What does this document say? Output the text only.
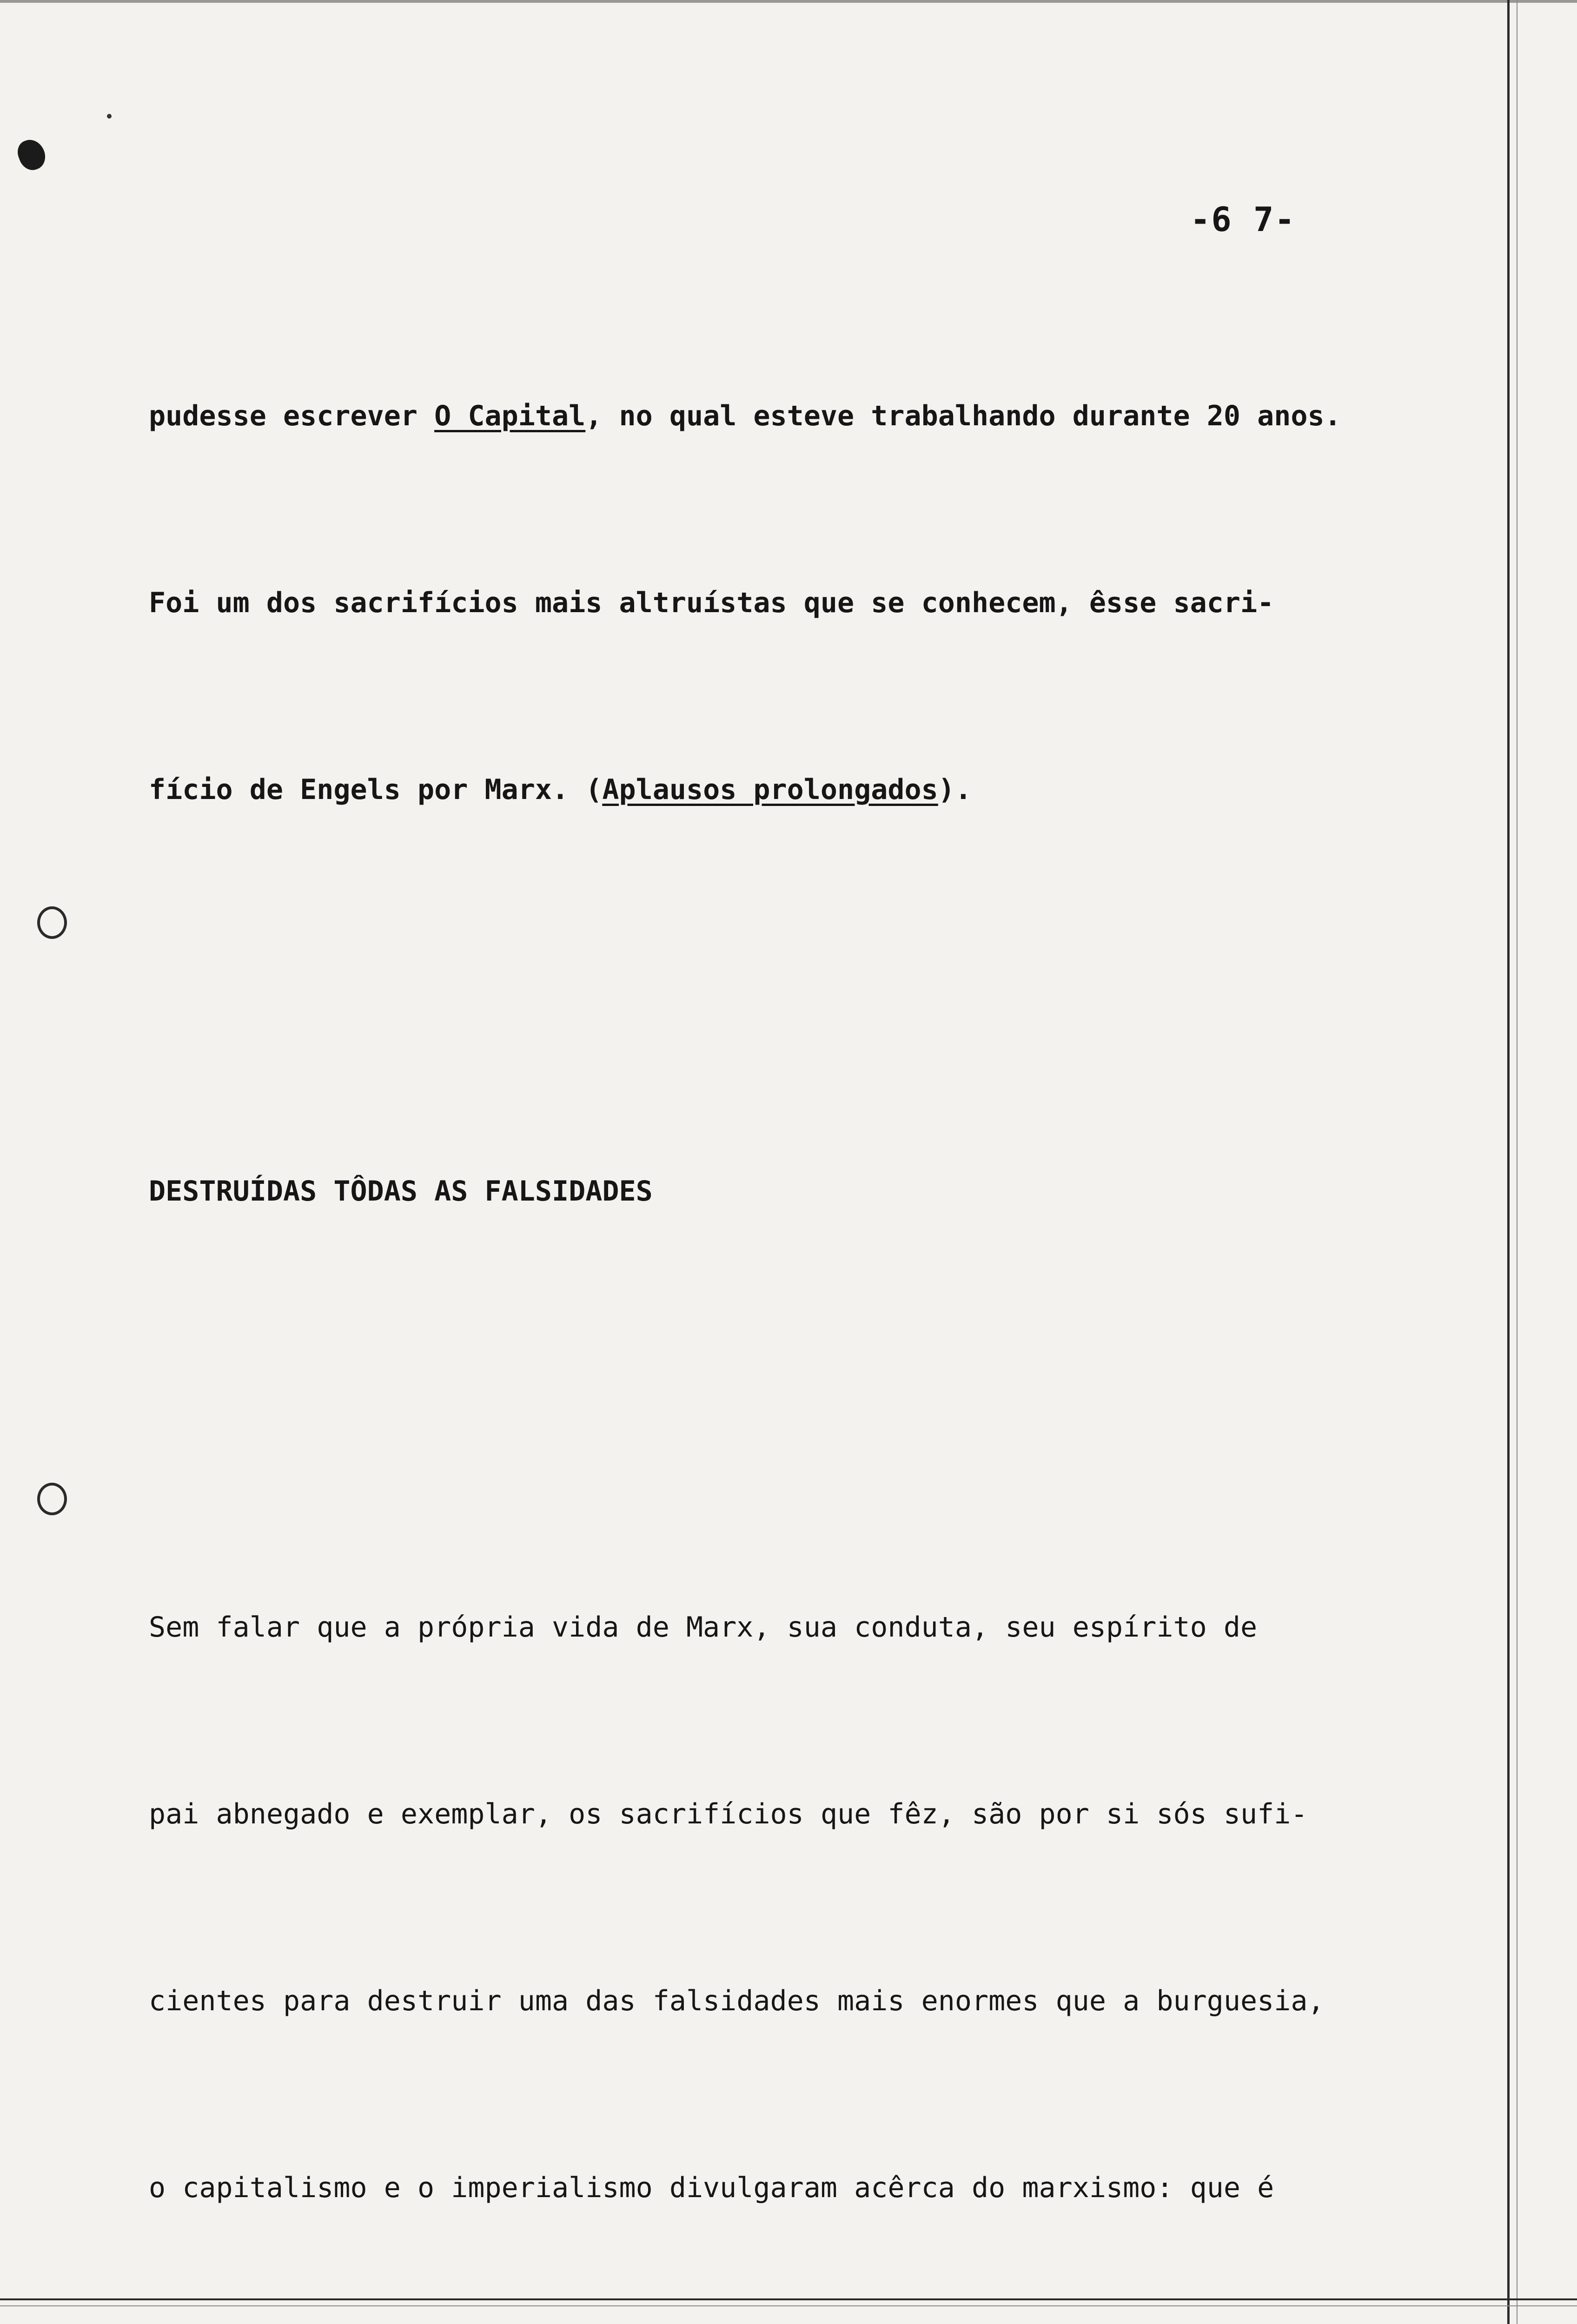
-6 7-

pudesse escrever O Capital, no qual esteve trabalhando durante 20 anos.

Foi um dos sacrifícios mais altruístas que se conhecem, êsse sacri-

fício de Engels por Marx. (Aplausos prolongados).

DESTRUÍDAS TÔDAS AS FALSIDADES

Sem falar que a própria vida de Marx, sua conduta, seu espírito de

pai abnegado e exemplar, os sacrifícios que fêz, são por si sós sufi-

cientes para destruir uma das falsidades mais enormes que a burguesia,

o capitalismo e o imperialismo divulgaram acêrca do marxismo: que é
